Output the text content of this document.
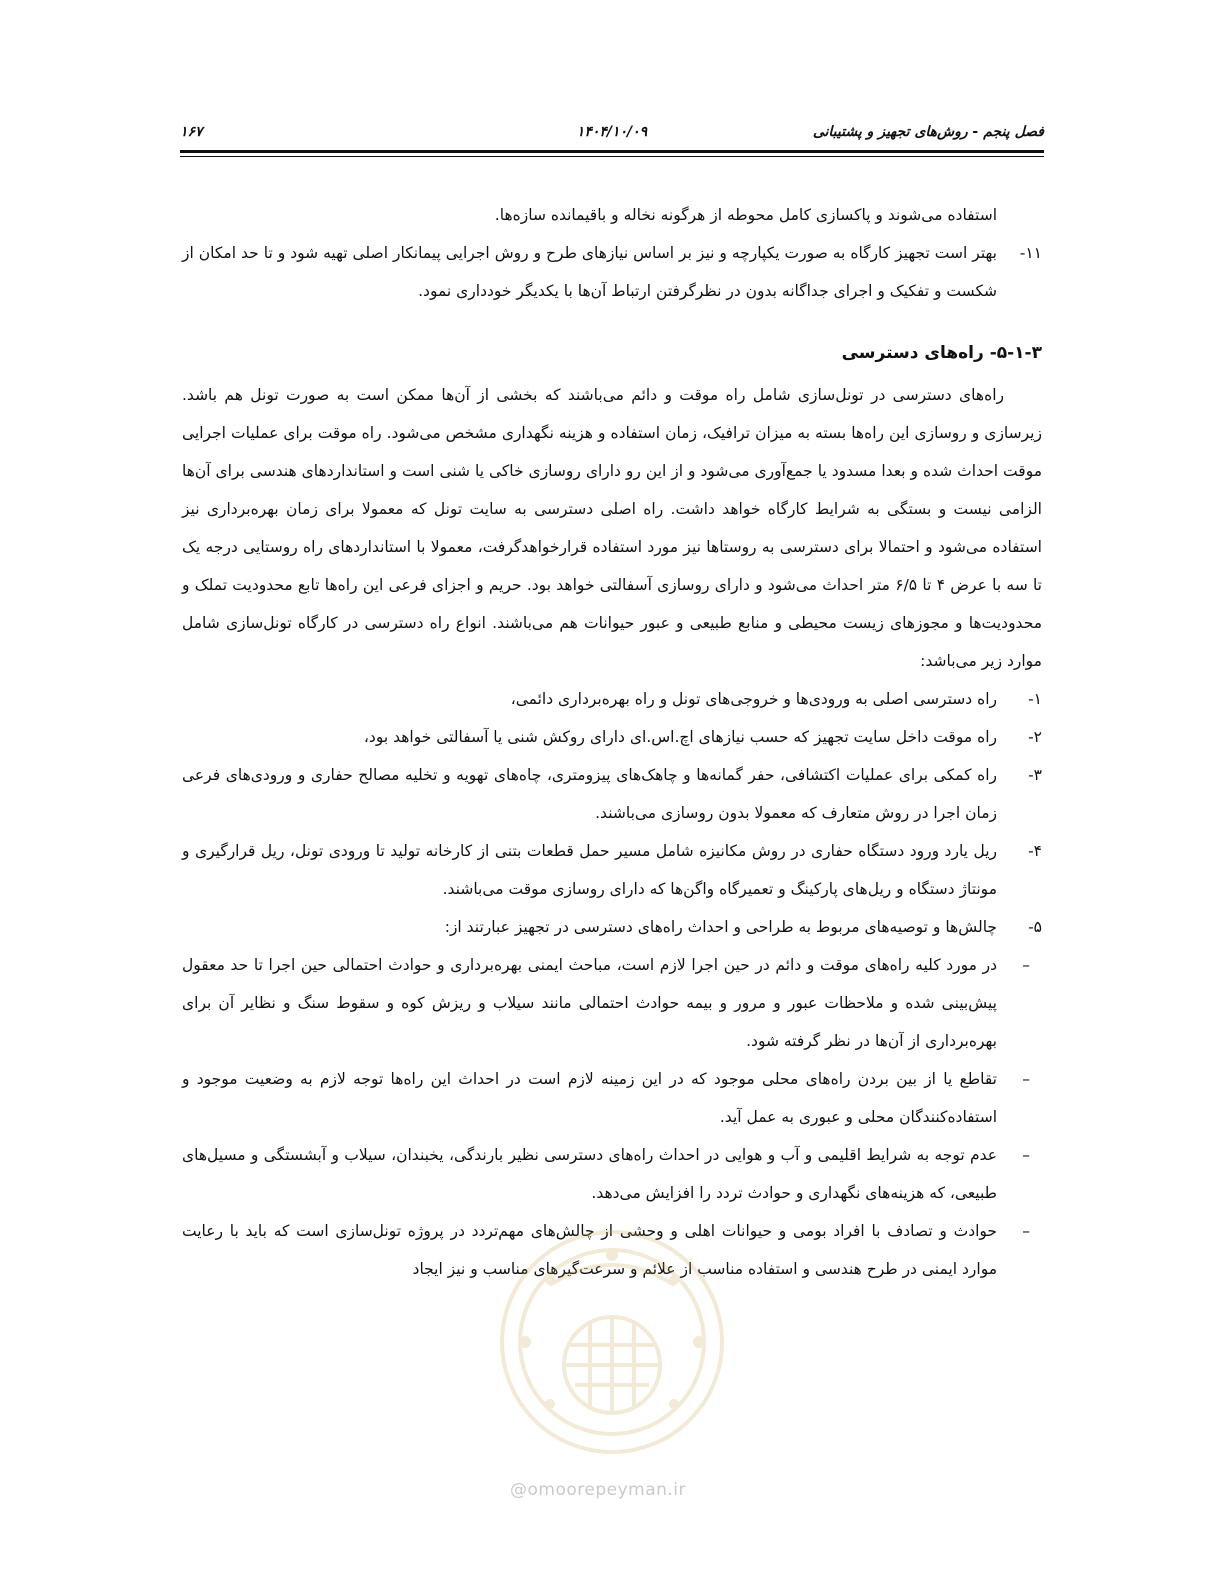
فصل پنجم - روش‌های تجهیز و پشتیبانی
۱۴۰۴/۱۰/۰۹
۱۶۷

استفاده می‌شوند و پاکسازی کامل محوطه از هرگونه نخاله و باقیمانده سازه‌ها.

۱۱-
بهتر است تجهیز کارگاه به صورت یکپارچه و نیز بر اساس نیازهای طرح و روش اجرایی پیمانکار اصلی تهیه شود و تا حد امکان از شکست و تفکیک و اجرای جداگانه بدون در نظرگرفتن ارتباط آن‌ها با یکدیگر خودداری نمود.

۵-۱-۳- راه‌های دسترسی

راه‌های دسترسی در تونل‌سازی شامل راه موقت و دائم می‌باشند که بخشی از آن‌ها ممکن است به صورت تونل هم باشد. زیرسازی و روسازی این راه‌ها بسته به میزان ترافیک، زمان استفاده و هزینه نگهداری مشخص می‌شود. راه موقت برای عملیات اجرایی موقت احداث شده و بعدا مسدود یا جمع‌آوری می‌شود و از این رو دارای روسازی خاکی یا شنی است و استانداردهای هندسی برای آن‌ها الزامی نیست و بستگی به شرایط کارگاه خواهد داشت. راه اصلی دسترسی به سایت تونل که معمولا برای زمان بهره‌برداری نیز استفاده می‌شود و احتمالا برای دسترسی به روستاها نیز مورد استفاده قرارخواهدگرفت، معمولا با استانداردهای راه روستایی درجه یک تا سه با عرض ۴ تا ۶/۵ متر احداث می‌شود و دارای روسازی آسفالتی خواهد بود. حریم و اجزای فرعی این راه‌ها تابع محدودیت تملک و محدودیت‌ها و مجوزهای زیست محیطی و منابع طبیعی و عبور حیوانات هم می‌باشند. انواع راه دسترسی در کارگاه تونل‌سازی شامل موارد زیر می‌باشد:

۱-
راه دسترسی اصلی به ورودی‌ها و خروجی‌های تونل و راه بهره‌برداری دائمی،

۲-
راه موقت داخل سایت تجهیز که حسب نیازهای اچ.اس.ای دارای روکش شنی یا آسفالتی خواهد بود،

۳-
راه کمکی برای عملیات اکتشافی، حفر گمانه‌ها و چاهک‌های پیزومتری، چاه‌های تهویه و تخلیه مصالح حفاری و ورودی‌های فرعی زمان اجرا در روش متعارف که معمولا بدون روسازی می‌باشند.

۴-
ریل یارد ورود دستگاه حفاری در روش مکانیزه شامل مسیر حمل قطعات بتنی از کارخانه تولید تا ورودی تونل، ریل قرارگیری و مونتاژ دستگاه و ریل‌های پارکینگ و تعمیرگاه واگن‌ها که دارای روسازی موقت می‌باشند.

۵-
چالش‌ها و توصیه‌های مربوط به طراحی و احداث راه‌های دسترسی در تجهیز عبارتند از:

–
در مورد کلیه راه‌های موقت و دائم در حین اجرا لازم است، مباحث ایمنی بهره‌برداری و حوادث احتمالی حین اجرا تا حد معقول پیش‌بینی شده و ملاحظات عبور و مرور و بیمه حوادث احتمالی مانند سیلاب و ریزش کوه و سقوط سنگ و نظایر آن برای بهره‌برداری از آن‌ها در نظر گرفته شود.

–
تقاطع یا از بین بردن راه‌های محلی موجود که در این زمینه لازم است در احداث این راه‌ها توجه لازم به وضعیت موجود و استفاده‌کنندگان محلی و عبوری به عمل آید.

–
عدم توجه به شرایط اقلیمی و آب و هوایی در احداث راه‌های دسترسی نظیر بارندگی، یخبندان، سیلاب و آبشستگی و مسیل‌های طبیعی، که هزینه‌های نگهداری و حوادث تردد را افزایش می‌دهد.

–
حوادث و تصادف با افراد بومی و حیوانات اهلی و وحشی از چالش‌های مهم‌تردد در پروژه تونل‌سازی است که باید با رعایت موارد ایمنی در طرح هندسی و استفاده مناسب از علائم و سرعت‌گیرهای مناسب و نیز ایجاد

@omoorepeyman.ir
